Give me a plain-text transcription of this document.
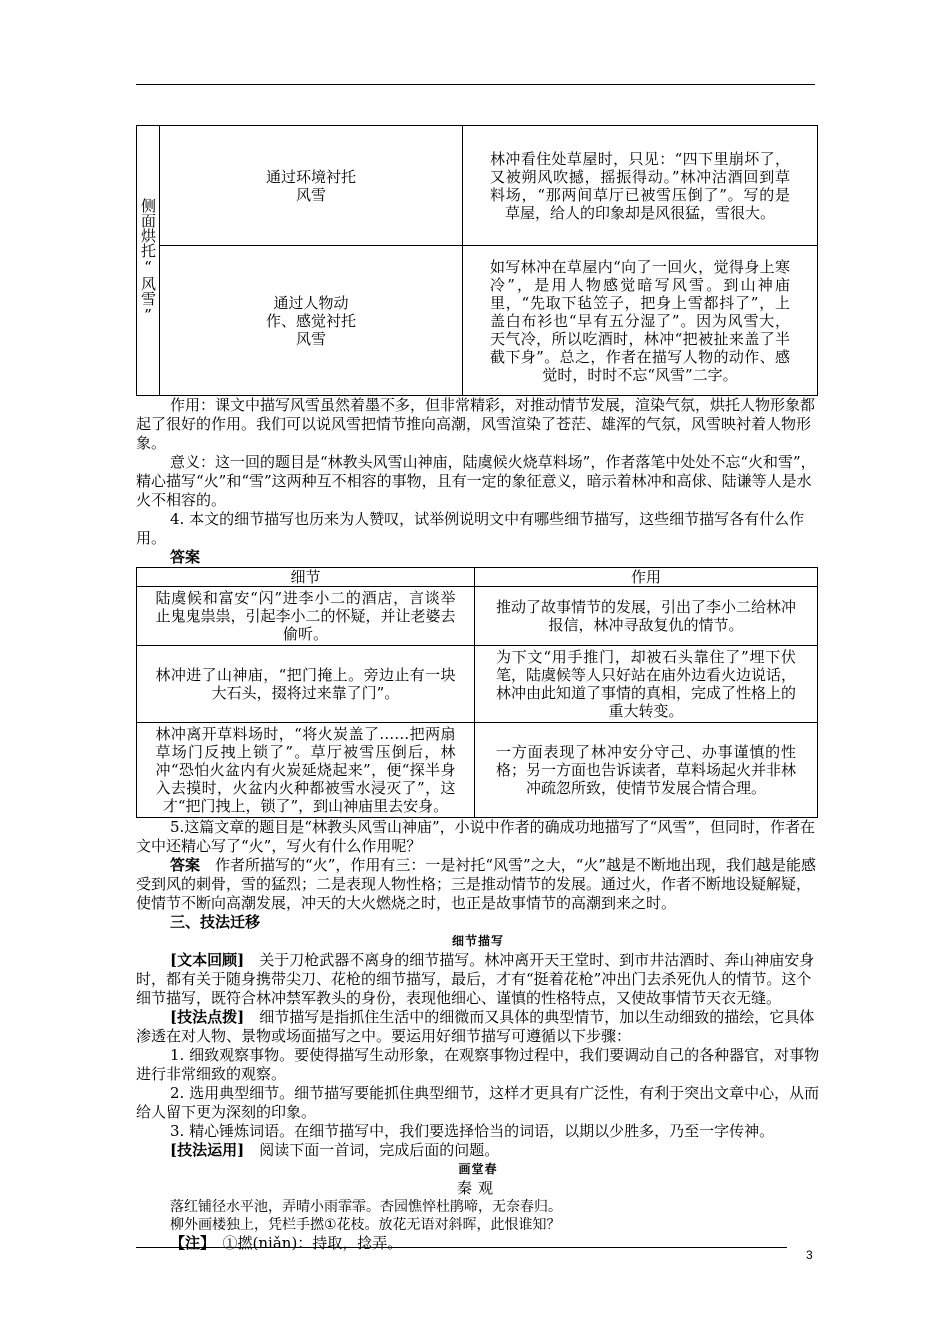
侧面烘托“风雪”	通过环境衬托风雪	林冲看住处草屋时，只见：“四下里崩坏了，又被朔风吹撼，摇振得动。”林冲沽酒回到草料场，“那两间草厅已被雪压倒了”。写的是草屋，给人的印象却是风很猛，雪很大。
	通过人物动作、感觉衬托风雪	如写林冲在草屋内“向了一回火，觉得身上寒冷”，是用人物感觉暗写风雪。到山神庙里，“先取下毡笠子，把身上雪都抖了”，上盖白布衫也“早有五分湿了”。因为风雪大，天气冷，所以吃酒时，林冲“把被扯来盖了半截下身”。总之，作者在描写人物的动作、感觉时，时时不忘“风雪”二字。

作用：课文中描写风雪虽然着墨不多，但非常精彩，对推动情节发展，渲染气氛，烘托人物形象都起了很好的作用。我们可以说风雪把情节推向高潮，风雪渲染了苍茫、雄浑的气氛，风雪映衬着人物形象。

意义：这一回的题目是“林教头风雪山神庙，陆虞候火烧草料场”，作者落笔中处处不忘“火和雪”，精心描写“火”和“雪”这两种互不相容的事物，且有一定的象征意义，暗示着林冲和高俅、陆谦等人是水火不相容的。

4. 本文的细节描写也历来为人赞叹，试举例说明文中有哪些细节描写，这些细节描写各有什么作用。

答案

细节	作用
陆虞候和富安“闪”进李小二的酒店，言谈举止鬼鬼祟祟，引起李小二的怀疑，并让老婆去偷听。	推动了故事情节的发展，引出了李小二给林冲报信，林冲寻敌复仇的情节。
林冲进了山神庙，“把门掩上。旁边止有一块大石头，掇将过来靠了门”。	为下文“用手推门，却被石头靠住了”埋下伏笔，陆虞候等人只好站在庙外边看火边说话，林冲由此知道了事情的真相，完成了性格上的重大转变。
林冲离开草料场时，“将火炭盖了……把两扇草场门反拽上锁了”。草厅被雪压倒后，林冲“恐怕火盆内有火炭延烧起来”，便“探半身入去摸时，火盆内火种都被雪水浸灭了”，这才“把门拽上，锁了”，到山神庙里去安身。	一方面表现了林冲安分守己、办事谨慎的性格；另一方面也告诉读者，草料场起火并非林冲疏忽所致，使情节发展合情合理。

5.这篇文章的题目是“林教头风雪山神庙”，小说中作者的确成功地描写了“风雪”，但同时，作者在文中还精心写了“火”，写火有什么作用呢？

答案　 作者所描写的“火”，作用有三：一是衬托“风雪”之大，“火”越是不断地出现，我们越是能感受到风的刺骨，雪的猛烈；二是表现人物性格；三是推动情节的发展。通过火，作者不断地设疑解疑，使情节不断向高潮发展，冲天的大火燃烧之时，也正是故事情节的高潮到来之时。

三、技法迁移

细节描写

[文本回顾]　 关于刀枪武器不离身的细节描写。林冲离开天王堂时、到市井沽酒时、奔山神庙安身时，都有关于随身携带尖刀、花枪的细节描写，最后，才有“挺着花枪”冲出门去杀死仇人的情节。这个细节描写，既符合林冲禁军教头的身份，表现他细心、谨慎的性格特点，又使故事情节天衣无缝。

[技法点拨]　 细节描写是指抓住生活中的细微而又具体的典型情节，加以生动细致的描绘，它具体渗透在对人物、景物或场面描写之中。要运用好细节描写可遵循以下步骤：

1. 细致观察事物。要使得描写生动形象，在观察事物过程中，我们要调动自己的各种器官，对事物进行非常细致的观察。

2. 选用典型细节。细节描写要能抓住典型细节，这样才更具有广泛性，有利于突出文章中心，从而给人留下更为深刻的印象。

3. 精心锤炼词语。在细节描写中，我们要选择恰当的词语，以期以少胜多，乃至一字传神。

[技法运用]　 阅读下面一首词，完成后面的问题。

画堂春

秦观

落红铺径水平池，弄晴小雨霏霏。杏园憔悴杜鹃啼，无奈春归。

柳外画楼独上，凭栏手撚①花枝。放花无语对斜晖，此恨谁知？

【注】　 ①撚(niǎn)：持取，捻弄。

3
